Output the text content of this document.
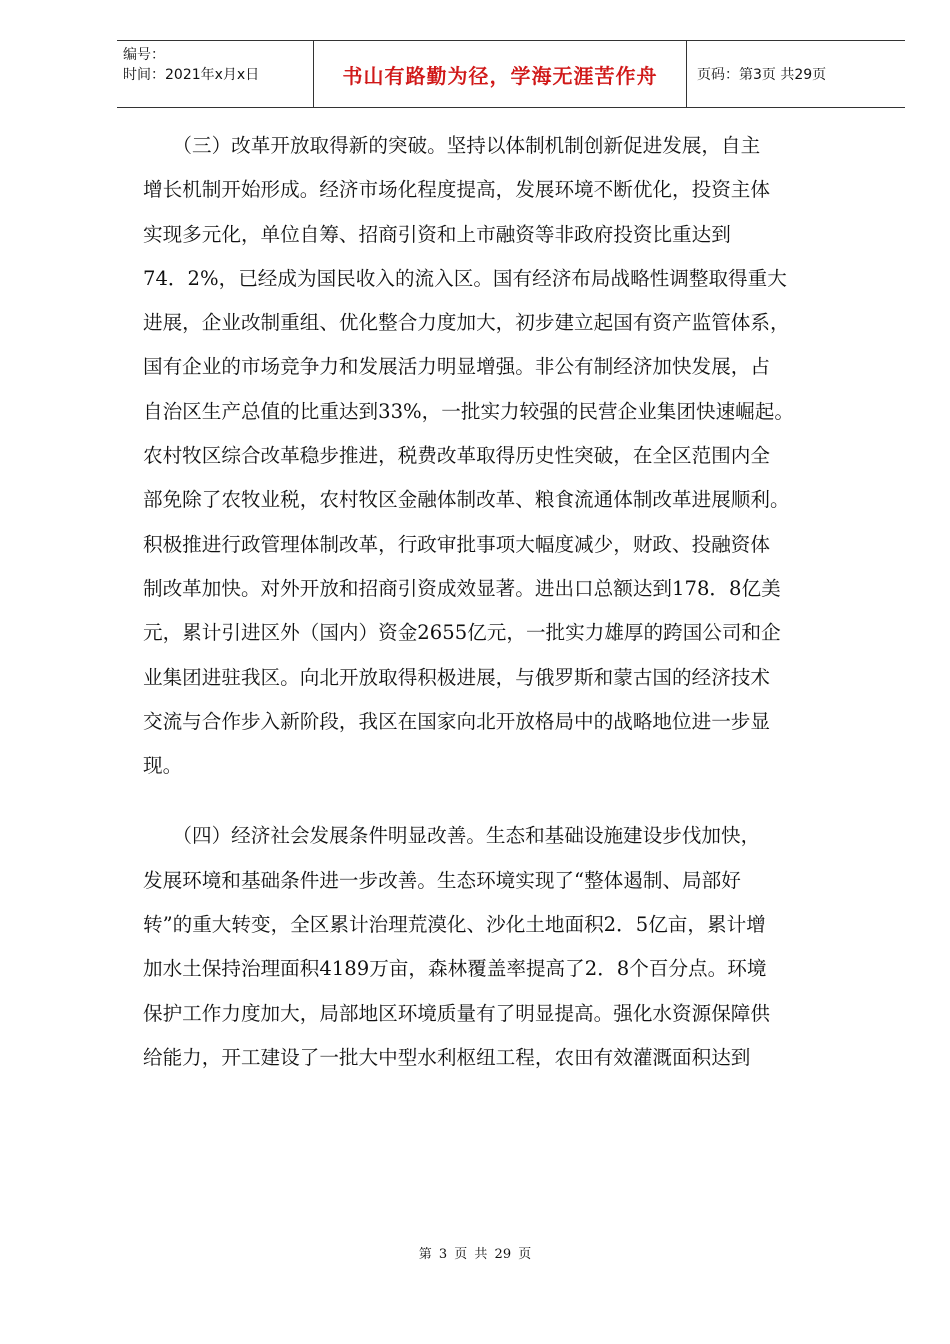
编号：
时间：2021年x月x日	书山有路勤为径，学海无涯苦作舟	页码：第3页 共29页
　　（三）改革开放取得新的突破。坚持以体制机制创新促进发展，自主
增长机制开始形成。经济市场化程度提高，发展环境不断优化，投资主体
实现多元化，单位自筹、招商引资和上市融资等非政府投资比重达到
74．2%，已经成为国民收入的流入区。国有经济布局战略性调整取得重大
进展，企业改制重组、优化整合力度加大，初步建立起国有资产监管体系，
国有企业的市场竞争力和发展活力明显增强。非公有制经济加快发展，占
自治区生产总值的比重达到33%，一批实力较强的民营企业集团快速崛起。
农村牧区综合改革稳步推进，税费改革取得历史性突破，在全区范围内全
部免除了农牧业税，农村牧区金融体制改革、粮食流通体制改革进展顺利。
积极推进行政管理体制改革，行政审批事项大幅度减少，财政、投融资体
制改革加快。对外开放和招商引资成效显著。进出口总额达到178．8亿美
元，累计引进区外（国内）资金2655亿元，一批实力雄厚的跨国公司和企
业集团进驻我区。向北开放取得积极进展，与俄罗斯和蒙古国的经济技术
交流与合作步入新阶段，我区在国家向北开放格局中的战略地位进一步显
现。
　　（四）经济社会发展条件明显改善。生态和基础设施建设步伐加快，
发展环境和基础条件进一步改善。生态环境实现了“整体遏制、局部好
转”的重大转变，全区累计治理荒漠化、沙化土地面积2．5亿亩，累计增
加水土保持治理面积4189万亩，森林覆盖率提高了2．8个百分点。环境
保护工作力度加大，局部地区环境质量有了明显提高。强化水资源保障供
给能力，开工建设了一批大中型水利枢纽工程，农田有效灌溉面积达到
第 3 页 共 29 页
